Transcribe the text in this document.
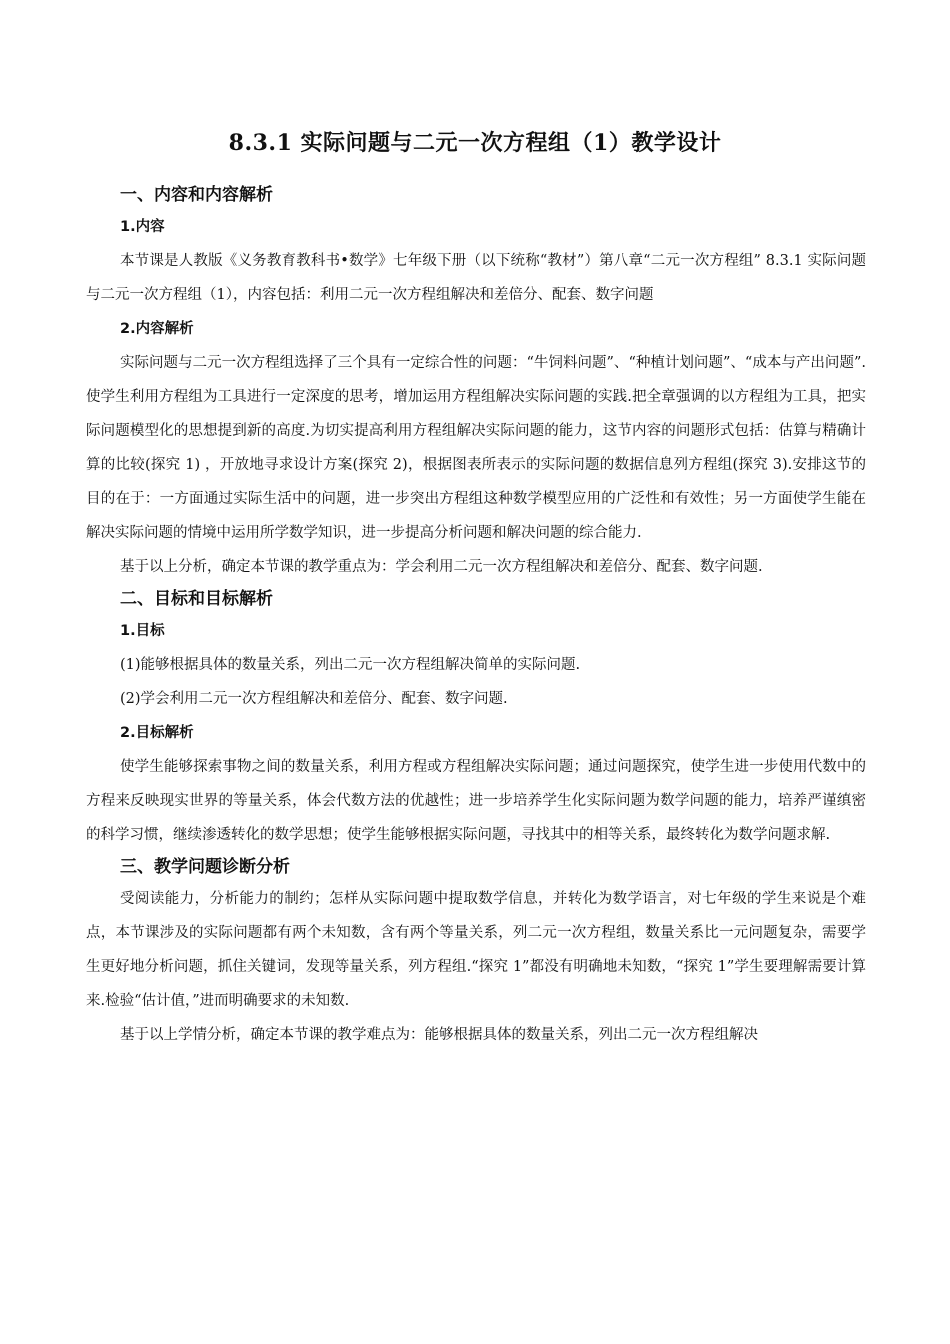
8.3.1 实际问题与二元一次方程组（1）教学设计
一、内容和内容解析
1.内容

本节课是人教版《义务教育教科书•数学》七年级下册（以下统称“教材”）第八章“二元一次方程组” 8.3.1 实际问题与二元一次方程组（1），内容包括：利用二元一次方程组解决和差倍分、配套、数字问题

2.内容解析

实际问题与二元一次方程组选择了三个具有一定综合性的问题：“牛饲料问题”、“种植计划问题”、“成本与产出问题”.使学生利用方程组为工具进行一定深度的思考，增加运用方程组解决实际问题的实践.把全章强调的以方程组为工具，把实际问题模型化的思想提到新的高度.为切实提高利用方程组解决实际问题的能力，这节内容的问题形式包括：估算与精确计算的比较(探究 1) ，开放地寻求设计方案(探究 2)，根据图表所表示的实际问题的数据信息列方程组(探究 3).安排这节的目的在于：一方面通过实际生活中的问题，进一步突出方程组这种数学模型应用的广泛性和有效性；另一方面使学生能在解决实际问题的情境中运用所学数学知识，进一步提高分析问题和解决问题的综合能力.

基于以上分析，确定本节课的教学重点为：学会利用二元一次方程组解决和差倍分、配套、数字问题.

二、目标和目标解析
1.目标

(1)能够根据具体的数量关系，列出二元一次方程组解决简单的实际问题.

(2)学会利用二元一次方程组解决和差倍分、配套、数字问题.

2.目标解析

使学生能够探索事物之间的数量关系，利用方程或方程组解决实际问题；通过问题探究，使学生进一步使用代数中的方程来反映现实世界的等量关系，体会代数方法的优越性；进一步培养学生化实际问题为数学问题的能力，培养严谨缜密的科学习惯，继续渗透转化的数学思想；使学生能够根据实际问题，寻找其中的相等关系，最终转化为数学问题求解.

三、教学问题诊断分析

受阅读能力，分析能力的制约；怎样从实际问题中提取数学信息，并转化为数学语言，对七年级的学生来说是个难点，本节课涉及的实际问题都有两个未知数，含有两个等量关系，列二元一次方程组，数量关系比一元问题复杂，需要学生更好地分析问题，抓住关键词，发现等量关系，列方程组.“探究 1”都没有明确地未知数，“探究 1”学生要理解需要计算来.检验“估计值，”进而明确要求的未知数.

基于以上学情分析，确定本节课的教学难点为：能够根据具体的数量关系，列出二元一次方程组解决
